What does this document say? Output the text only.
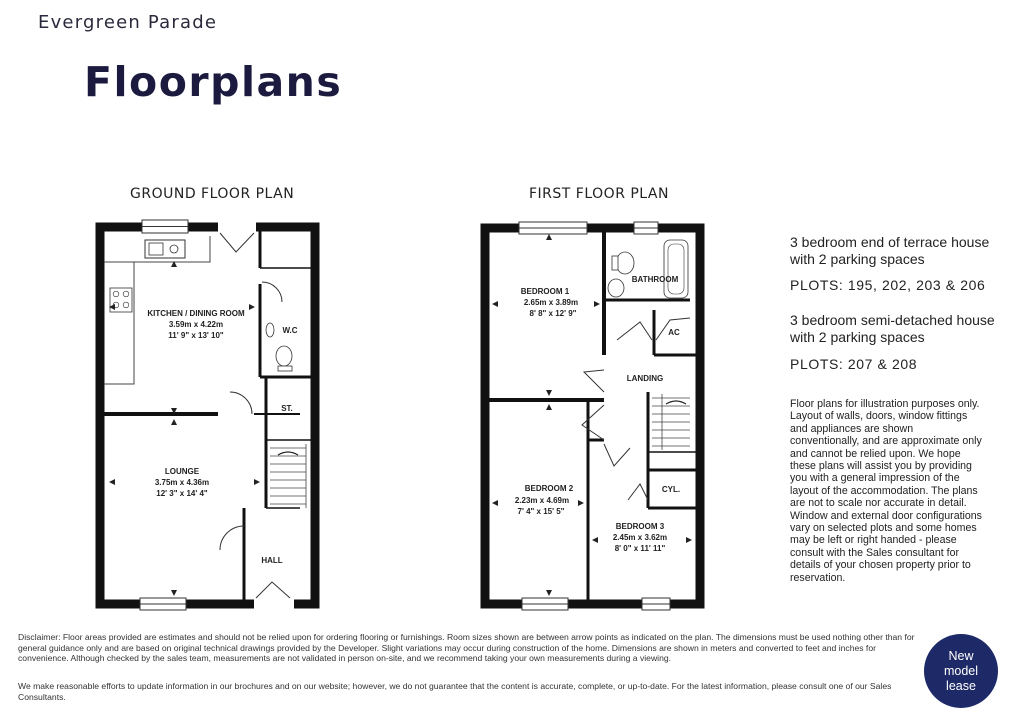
Evergreen Parade
Floorplans
GROUND FLOOR PLAN	FIRST FLOOR PLAN
KITCHEN / DINING ROOM
3.59m x 4.22m
11' 9" x 13' 10"
LOUNGE
3.75m x 4.36m
12' 3" x 14' 4"
W.C
ST.
HALL
BEDROOM 1
2.65m x 3.89m
8' 8" x 12' 9"
BEDROOM 2
2.23m x 4.69m
7' 4" x 15' 5"
BEDROOM 3
2.45m x 3.62m
8' 0" x 11' 11"
BATHROOM
AC
LANDING
CYL.
3 bedroom end of terrace house
with 2 parking spaces
PLOTS: 195, 202, 203 & 206
3 bedroom semi-detached house
with 2 parking spaces
PLOTS: 207 & 208
Floor plans for illustration purposes only. Layout of walls, doors, window fittings and appliances are shown conventionally, and are approximate only and cannot be relied upon. We hope these plans will assist you by providing you with a general impression of the layout of the accommodation. The plans are not to scale nor accurate in detail. Window and external door configurations vary on selected plots and some homes may be left or right handed - please consult with the Sales consultant for details of your chosen property prior to reservation.
Disclaimer: Floor areas provided are estimates and should not be relied upon for ordering flooring or furnishings. Room sizes shown are between arrow points as indicated on the plan. The dimensions must be used nothing other than for general guidance only and are based on original technical drawings provided by the Developer. Slight variations may occur during construction of the home. Dimensions are shown in meters and converted to feet and inches for convenience. Although checked by the sales team, measurements are not validated in person on-site, and we recommend taking your own measurements during a viewing.
We make reasonable efforts to update information in our brochures and on our website; however, we do not guarantee that the content is accurate, complete, or up-to-date. For the latest information, please consult one of our Sales Consultants.
New
model
lease
